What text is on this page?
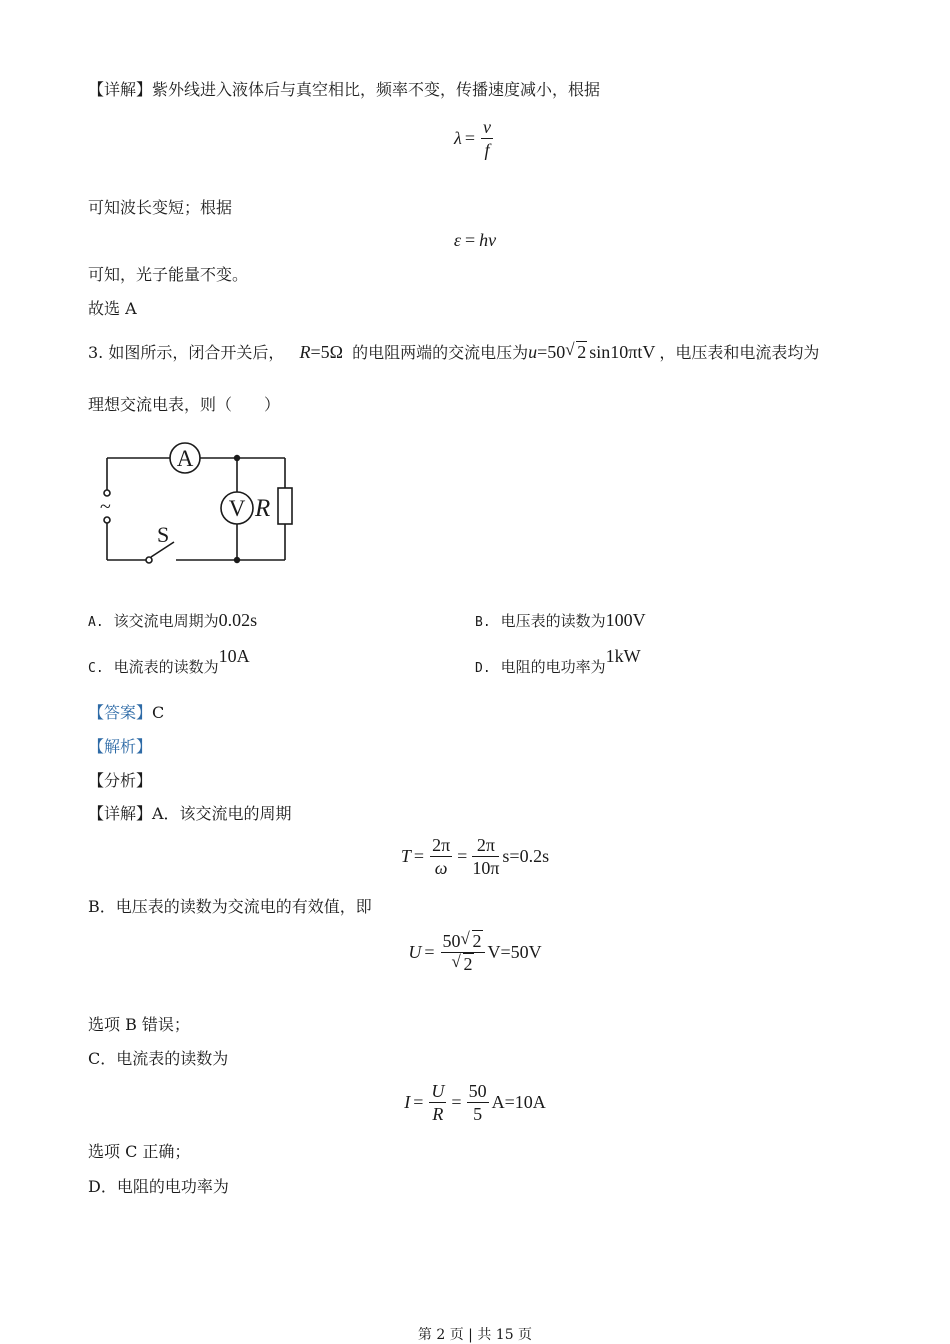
【详解】紫外线进入液体后与真空相比，频率不变，传播速度减小，根据
$\lambda = \frac{v}{f}$
可知波长变短；根据
ε = hν
可知，光子能量不变。
故选 A
3. 如图所示，闭合开关后， R=5Ω 的电阻两端的交流电压为u=50 √ 2 sin10πtV ，电压表和电流表均为
理想交流电表，则（　　）
A
V R
S
~
A. 该交流电周期为0.02s	B. 电压表的读数为100V
C. 电流表的读数为10A
D. 电阻的电功率为1kW
【答案】C
【解析】
【分析】
【详解】A．该交流电的周期
$T = \frac{2\pi}{\omega} = \frac{2\pi}{10\pi} s=0.2s$
B．电压表的读数为交流电的有效值，即
$U = \frac{50 √ 2}{√ 2} V=50V$
选项 B 错误；
C．电流表的读数为
$I = \frac{U}{R} = \frac{50}{5} A=10A$
选项 C 正确；
D．电阻的电功率为
第 2 页 | 共 15 页
